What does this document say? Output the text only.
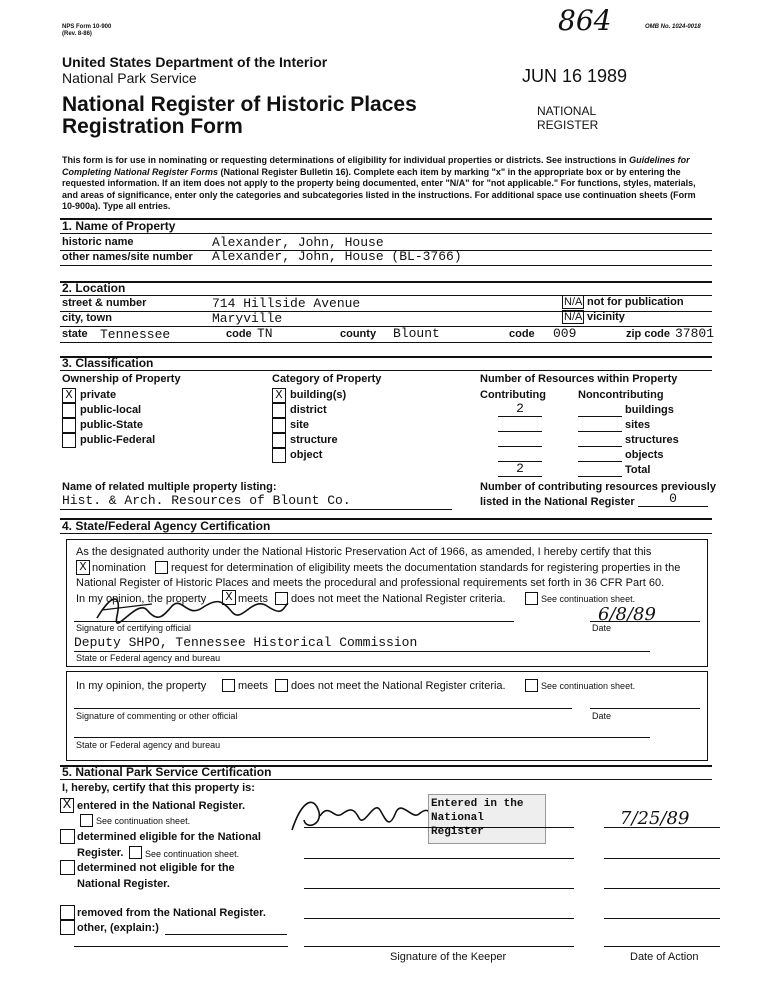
NPS Form 10-900
(Rev. 8-86)	864	OMB No. 1024-0018
United States Department of the Interior
National Park Service
National Register of Historic Places
Registration Form
JUN 16 1989
NATIONAL
REGISTER
This form is for use in nominating or requesting determinations of eligibility for individual properties or districts. See instructions in Guidelines for Completing National Register Forms (National Register Bulletin 16). Complete each item by marking "x" in the appropriate box or by entering the requested information. If an item does not apply to the property being documented, enter "N/A" for "not applicable." For functions, styles, materials, and areas of significance, enter only the categories and subcategories listed in the instructions. For additional space use continuation sheets (Form 10-900a). Type all entries.
1. Name of Property
historic name	Alexander, John, House
other names/site number Alexander, John, House (BL-3766)
2. Location
street & number	714 Hillside Avenue	N/A not for publication
city, town	Maryville	N/A vicinity
state Tennessee	code TN	county Blount	code 009	zip code 37801
3. Classification
Ownership of Property	Category of Property	Number of Resources within Property
Contributing	Noncontributing
X private
public-local
public-State
public-Federal
X building(s)
district
site
structure
object
2	buildings
sites
structures
objects
2	Total
Name of related multiple property listing:
Hist. & Arch. Resources of Blount Co.
Number of contributing resources previously
listed in the National Register	0
4. State/Federal Agency Certification
As the designated authority under the National Historic Preservation Act of 1966, as amended, I hereby certify that this
X nomination request for determination of eligibility meets the documentation standards for registering properties in the
National Register of Historic Places and meets the procedural and professional requirements set forth in 36 CFR Part 60.
In my opinion, the property X meets does not meet the National Register criteria.	See continuation sheet.
6/8/89
Signature of certifying official	Date
Deputy SHPO, Tennessee Historical Commission
State or Federal agency and bureau
In my opinion, the property	meets does not meet the National Register criteria.	See continuation sheet.
Signature of commenting or other official	Date
State or Federal agency and bureau
5. National Park Service Certification
I, hereby, certify that this property is:
X entered in the National Register.
See continuation sheet.
determined eligible for the National
Register. See continuation sheet.
determined not eligible for the
National Register.
removed from the National Register.
other, (explain:)
Entered in the
National Register
7/25/89
Signature of the Keeper	Date of Action
